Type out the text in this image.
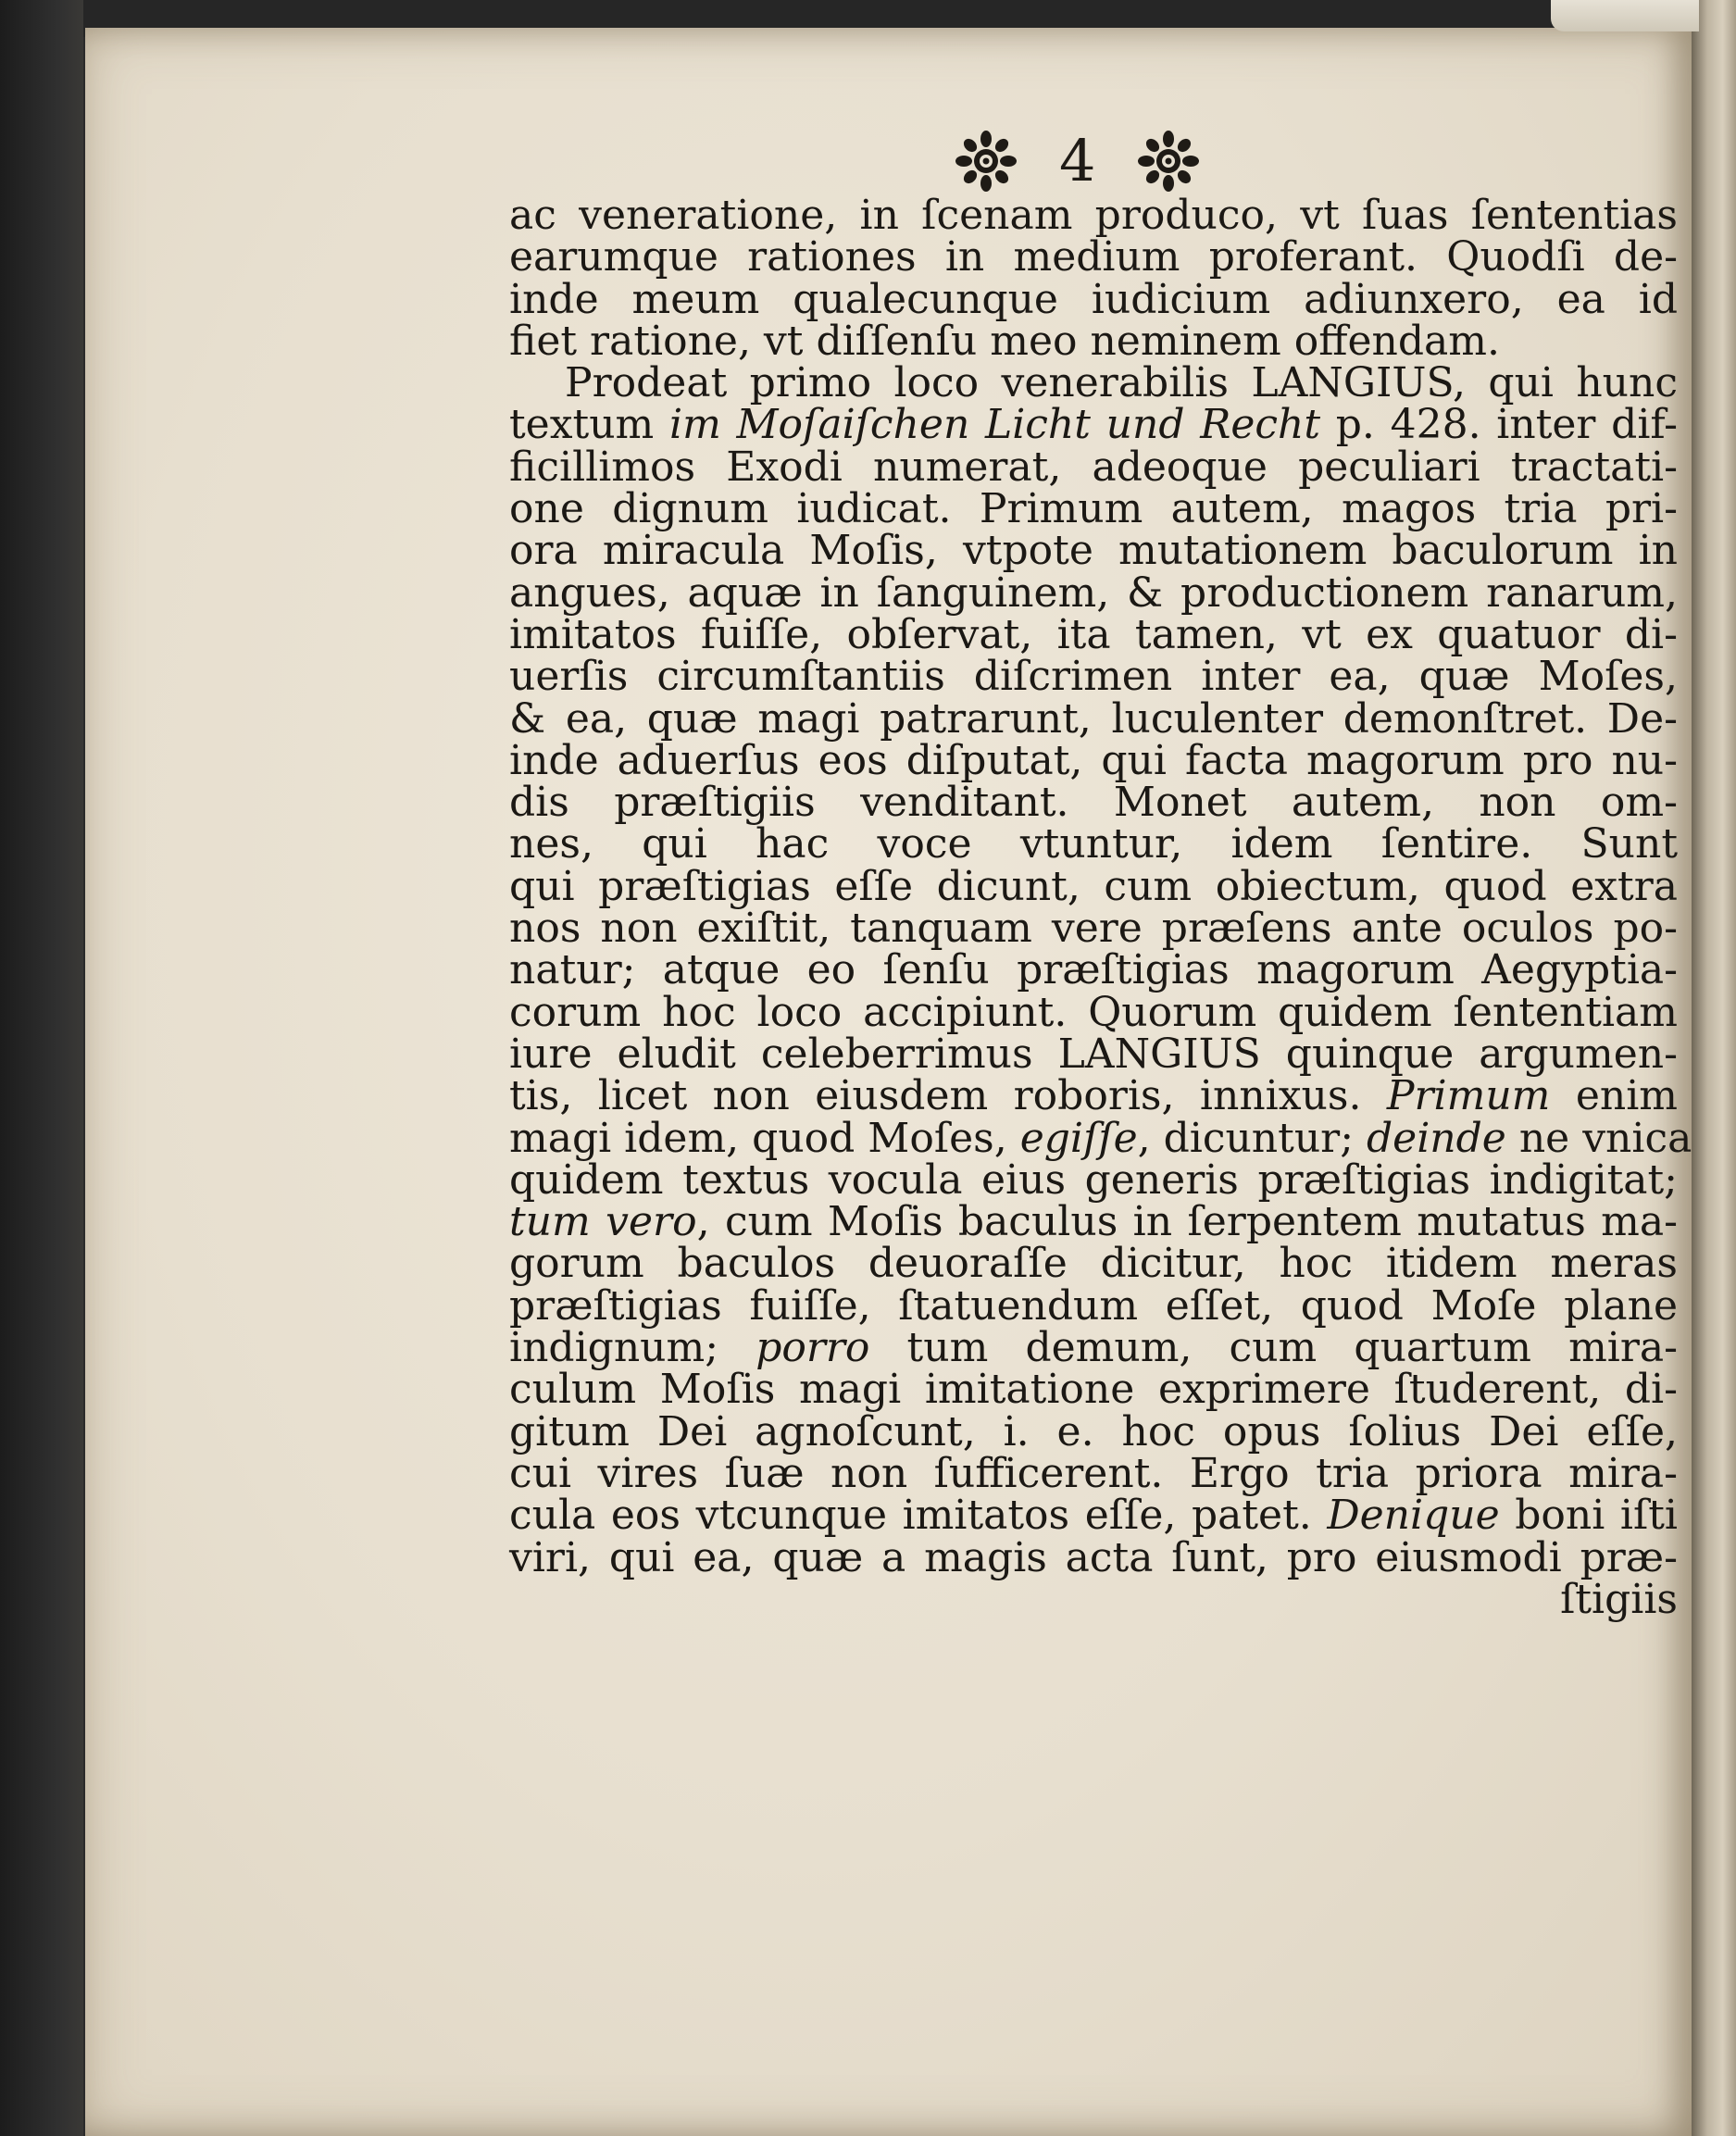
4
ac veneratione, in ſcenam produco, vt ſuas ſententias
earumque rationes in medium proferant. Quodſi de-
inde meum qualecunque iudicium adiunxero, ea id
fiet ratione, vt diſſenſu meo neminem offendam.
Prodeat primo loco venerabilis LANGIUS, qui hunc
textum im Moſaiſchen Licht und Recht p. 428. inter dif-
ficillimos Exodi numerat, adeoque peculiari tractati-
one dignum iudicat. Primum autem, magos tria pri-
ora miracula Moſis, vtpote mutationem baculorum in
angues, aquæ in ſanguinem, & productionem ranarum,
imitatos fuiſſe, obſervat, ita tamen, vt ex quatuor di-
uerſis circumſtantiis diſcrimen inter ea, quæ Moſes,
& ea, quæ magi patrarunt, luculenter demonſtret. De-
inde aduerſus eos diſputat, qui facta magorum pro nu-
dis præſtigiis venditant. Monet autem, non om-
nes, qui hac voce vtuntur, idem ſentire. Sunt
qui præſtigias eſſe dicunt, cum obiectum, quod extra
nos non exiſtit, tanquam vere præſens ante oculos po-
natur; atque eo ſenſu præſtigias magorum Aegyptia-
corum hoc loco accipiunt. Quorum quidem ſententiam
iure eludit celeberrimus LANGIUS quinque argumen-
tis, licet non eiusdem roboris, innixus. Primum enim
magi idem, quod Moſes, egiſſe, dicuntur; deinde ne vnica
quidem textus vocula eius generis præſtigias indigitat;
tum vero, cum Moſis baculus in ſerpentem mutatus ma-
gorum baculos deuoraſſe dicitur, hoc itidem meras
præſtigias fuiſſe, ſtatuendum eſſet, quod Moſe plane
indignum; porro tum demum, cum quartum mira-
culum Moſis magi imitatione exprimere ſtuderent, di-
gitum Dei agnoſcunt, i. e. hoc opus ſolius Dei eſſe,
cui vires ſuæ non ſufficerent. Ergo tria priora mira-
cula eos vtcunque imitatos eſſe, patet. Denique boni iſti
viri, qui ea, quæ a magis acta ſunt, pro eiusmodi præ-
ſtigiis
